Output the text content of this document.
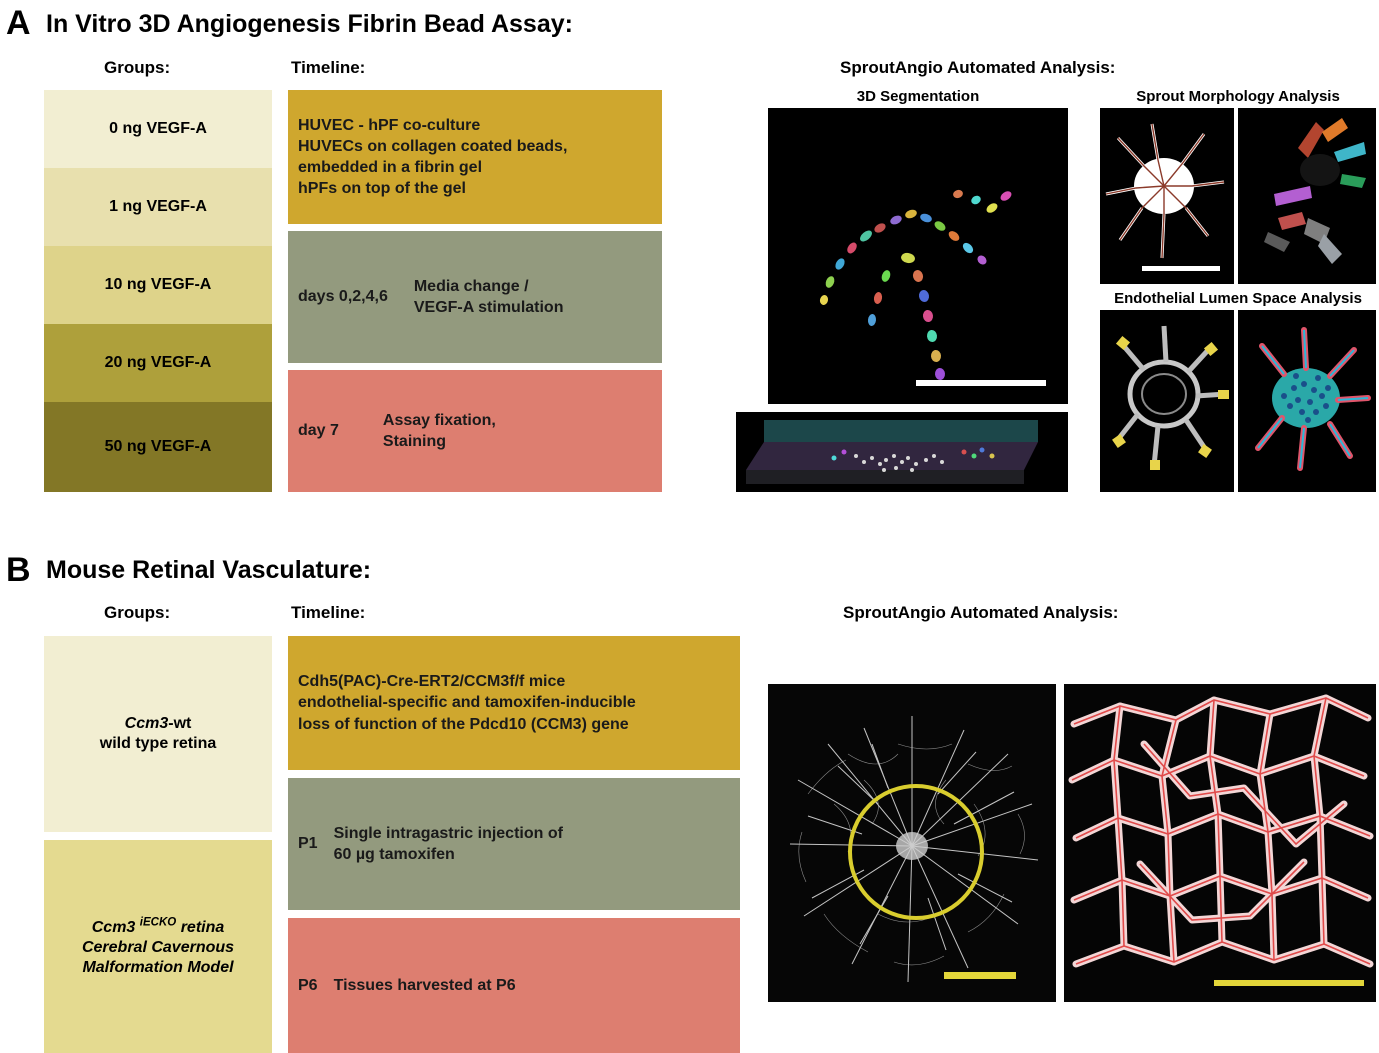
A In Vitro 3D Angiogenesis Fibrin Bead Assay:
Groups:	Timeline:	SproutAngio Automated Analysis:
0 ng VEGF-A
1 ng VEGF-A
10 ng VEGF-A
20 ng VEGF-A
50 ng VEGF-A
HUVEC - hPF co-culture
HUVECs on collagen coated beads,
embedded in a fibrin gel
hPFs on top of the gel
days 0,2,4,6
Media change /
VEGF-A stimulation
day 7
Assay fixation,
Staining
3D Segmentation	Sprout Morphology Analysis
Endothelial Lumen Space Analysis
B Mouse Retinal Vasculature:
Groups:	Timeline:	SproutAngio Automated Analysis:
Ccm3-wt
wild type retina
Ccm3 $^{iECKO}$ retina
Cerebral Cavernous
Malformation Model
Cdh5(PAC)-Cre-ERT2/CCM3f/f mice
endothelial-specific and tamoxifen-inducible
loss of function of the Pdcd10 (CCM3) gene
P1
Single intragastric injection of
60 µg tamoxifen
P6 Tissues harvested at P6
